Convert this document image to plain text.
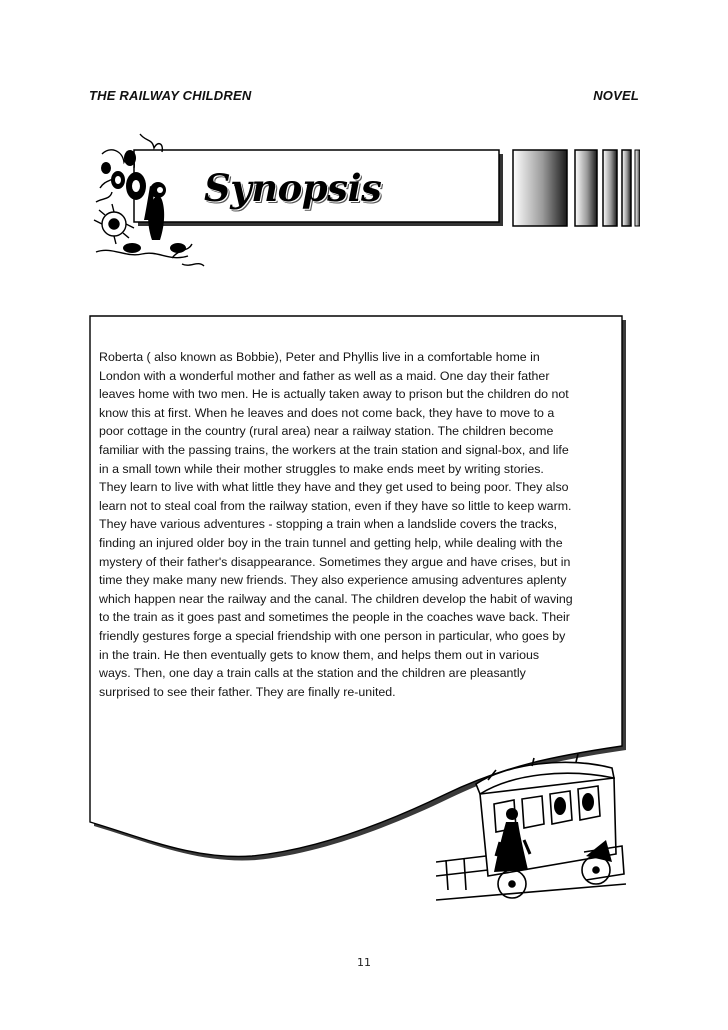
THE RAILWAY CHILDREN	NOVEL
Synopsis

Roberta ( also known as Bobbie), Peter and Phyllis live in a comfortable home in
London with a wonderful mother and father as well as a maid. One day their father
leaves home with two men. He is actually taken away to prison but the children do not
know this at first. When he leaves and does not come back, they have to move to a
poor cottage in the country (rural area) near a railway station. The children become
familiar with the passing trains, the workers at the train station and signal-box, and life
in a small town while their mother struggles to make ends meet by writing stories.
They learn to live with what little they have and they get used to being poor. They also
learn not to steal coal from the railway station, even if they have so little to keep warm.
They have various adventures - stopping a train when a landslide covers the tracks,
finding an injured older boy in the train tunnel and getting help, while dealing with the
mystery of their father's disappearance. Sometimes they argue and have crises, but in
time they make many new friends. They also experience amusing adventures aplenty
which happen near the railway and the canal. The children develop the habit of waving
to the train as it goes past and sometimes the people in the coaches wave back. Their
friendly gestures forge a special friendship with one person in particular, who goes by
in the train. He then eventually gets to know them, and helps them out in various
ways. Then, one day a train calls at the station and the children are pleasantly
surprised to see their father. They are finally re-united.

11
